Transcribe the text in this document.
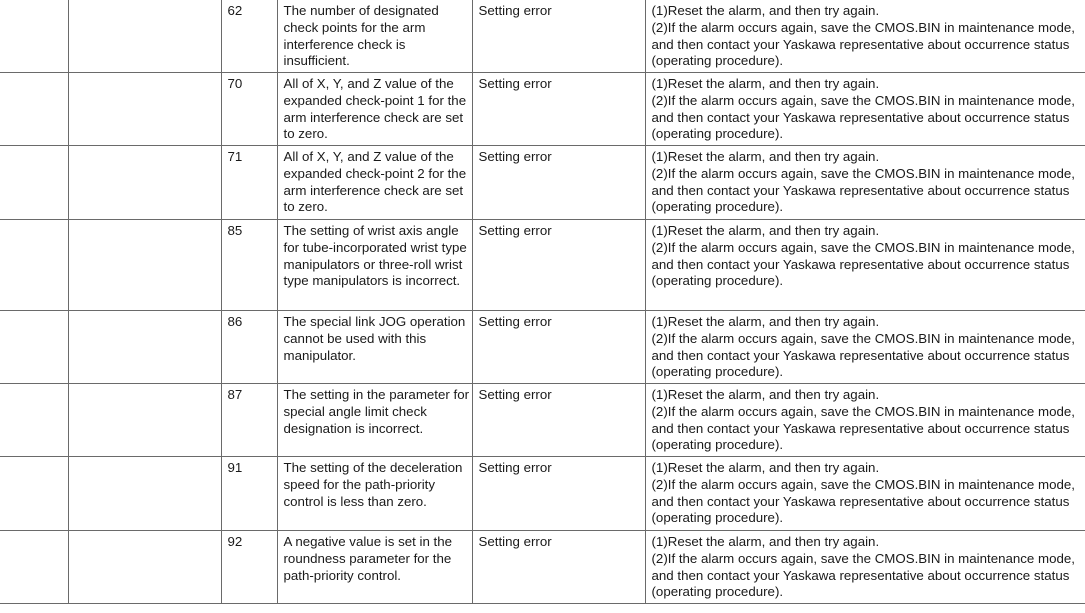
		62	The number of designated check points for the arm interference check is insufficient.	Setting error	(1)Reset the alarm, and then try again.
(2)If the alarm occurs again, save the CMOS.BIN in maintenance mode, and then contact your Yaskawa representative about occurrence status (operating procedure).

		70	All of X, Y, and Z value of the expanded check-point 1 for the arm interference check are set to zero.	Setting error	(1)Reset the alarm, and then try again.
(2)If the alarm occurs again, save the CMOS.BIN in maintenance mode, and then contact your Yaskawa representative about occurrence status (operating procedure).

		71	All of X, Y, and Z value of the expanded check-point 2 for the arm interference check are set to zero.	Setting error	(1)Reset the alarm, and then try again.
(2)If the alarm occurs again, save the CMOS.BIN in maintenance mode, and then contact your Yaskawa representative about occurrence status (operating procedure).

		85	The setting of wrist axis angle for tube-incorporated wrist type manipulators or three-roll wrist type manipulators is incorrect.	Setting error	(1)Reset the alarm, and then try again.
(2)If the alarm occurs again, save the CMOS.BIN in maintenance mode, and then contact your Yaskawa representative about occurrence status (operating procedure).

		86	The special link JOG operation cannot be used with this manipulator.	Setting error	(1)Reset the alarm, and then try again.
(2)If the alarm occurs again, save the CMOS.BIN in maintenance mode, and then contact your Yaskawa representative about occurrence status (operating procedure).

		87	The setting in the parameter for special angle limit check designation is incorrect.	Setting error	(1)Reset the alarm, and then try again.
(2)If the alarm occurs again, save the CMOS.BIN in maintenance mode, and then contact your Yaskawa representative about occurrence status (operating procedure).

		91	The setting of the deceleration speed for the path-priority control is less than zero.	Setting error	(1)Reset the alarm, and then try again.
(2)If the alarm occurs again, save the CMOS.BIN in maintenance mode, and then contact your Yaskawa representative about occurrence status (operating procedure).

		92	A negative value is set in the roundness parameter for the path-priority control.	Setting error	(1)Reset the alarm, and then try again.
(2)If the alarm occurs again, save the CMOS.BIN in maintenance mode, and then contact your Yaskawa representative about occurrence status (operating procedure).
